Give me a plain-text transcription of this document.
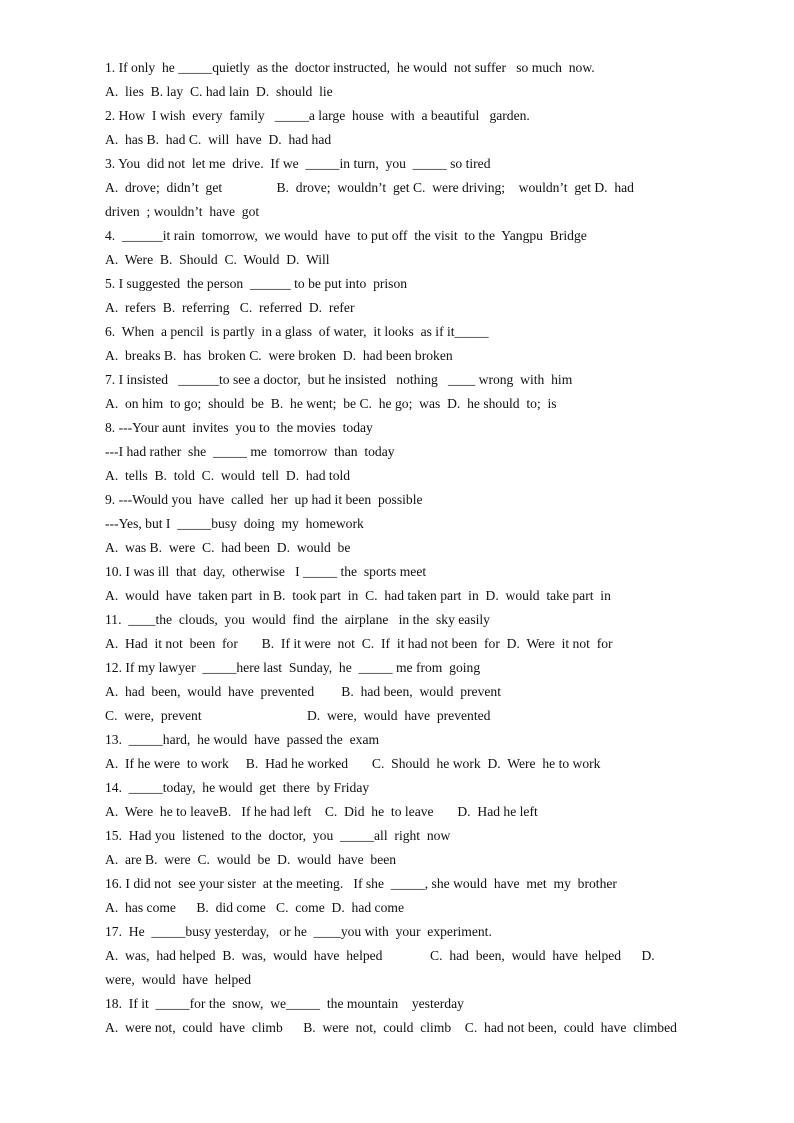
1. If only  he _____quietly  as the  doctor instructed,  he would  not suffer   so much  now.
A.  lies  B. lay  C. had lain  D.  should  lie
2. How  I wish  every  family   _____a large  house  with  a beautiful   garden.
A.  has B.  had C.  will  have  D.  had had
3. You  did not  let me  drive.  If we  _____in turn,  you  _____ so tired
A.  drove;  didn’t  get                B.  drove;  wouldn’t  get C.  were driving;    wouldn’t  get D.  had
driven  ; wouldn’t  have  got
4.  ______it rain  tomorrow,  we would  have  to put off  the visit  to the  Yangpu  Bridge
A.  Were  B.  Should  C.  Would  D.  Will
5. I suggested  the person  ______ to be put into  prison
A.  refers  B.  referring   C.  referred  D.  refer
6.  When  a pencil  is partly  in a glass  of water,  it looks  as if it_____
A.  breaks B.  has  broken C.  were broken  D.  had been broken
7. I insisted   ______to see a doctor,  but he insisted   nothing   ____ wrong  with  him
A.  on him  to go;  should  be  B.  he went;  be C.  he go;  was  D.  he should  to;  is
8. ---Your aunt  invites  you to  the movies  today
---I had rather  she  _____ me  tomorrow  than  today
A.  tells  B.  told  C.  would  tell  D.  had told
9. ---Would you  have  called  her  up had it been  possible
---Yes, but I  _____busy  doing  my  homework
A.  was B.  were  C.  had been  D.  would  be
10. I was ill  that  day,  otherwise   I _____ the  sports meet
A.  would  have  taken part  in B.  took part  in  C.  had taken part  in  D.  would  take part  in
11.  ____the  clouds,  you  would  find  the  airplane   in the  sky easily
A.  Had  it not  been  for       B.  If it were  not  C.  If  it had not been  for  D.  Were  it not  for
12. If my lawyer  _____here last  Sunday,  he  _____ me from  going
A.  had  been,  would  have  prevented        B.  had been,  would  prevent
C.  were,  prevent                               D.  were,  would  have  prevented
13.  _____hard,  he would  have  passed the  exam
A.  If he were  to work     B.  Had he worked       C.  Should  he work  D.  Were  he to work
14.  _____today,  he would  get  there  by Friday
A.  Were  he to leaveB.   If he had left    C.  Did  he  to leave       D.  Had he left
15.  Had you  listened  to the  doctor,  you  _____all  right  now
A.  are B.  were  C.  would  be  D.  would  have  been
16. I did not  see your sister  at the meeting.   If she  _____, she would  have  met  my  brother
A.  has come      B.  did come   C.  come  D.  had come
17.  He  _____busy yesterday,   or he  ____you with  your  experiment.
A.  was,  had helped  B.  was,  would  have  helped              C.  had  been,  would  have  helped      D.
were,  would  have  helped
18.  If it  _____for the  snow,  we_____  the mountain    yesterday
A.  were not,  could  have  climb      B.  were  not,  could  climb    C.  had not been,  could  have  climbed
